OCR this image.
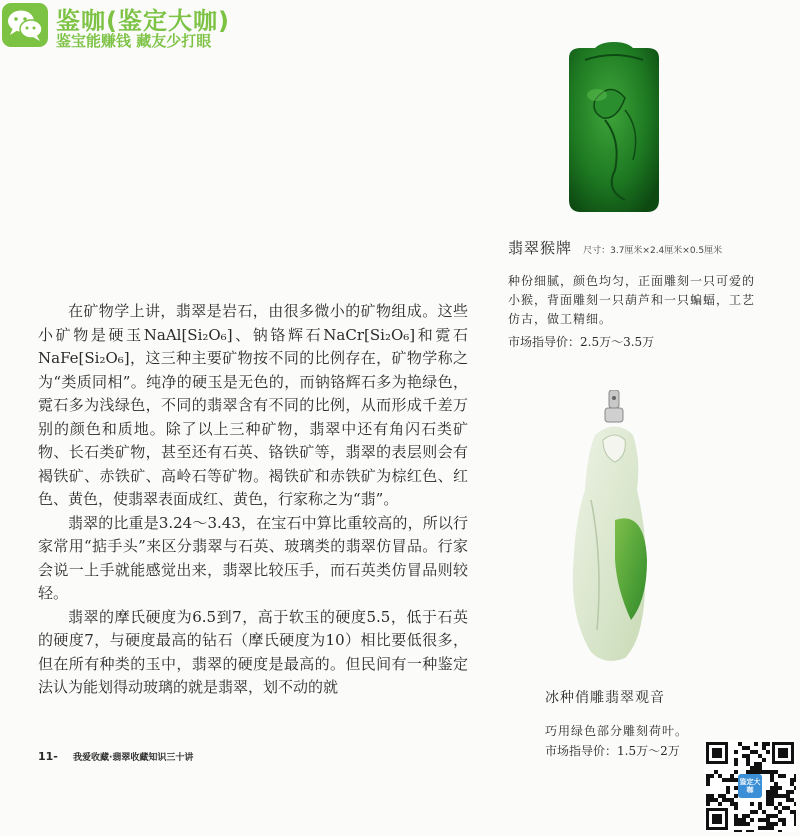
鉴咖(鉴定大咖)
鉴宝能赚钱 藏友少打眼

在矿物学上讲，翡翠是岩石，由很多微小的矿物组成。这些小矿物是硬玉NaAl[Si₂O₆]、钠铬辉石NaCr[Si₂O₆]和霓石NaFe[Si₂O₆]，这三种主要矿物按不同的比例存在，矿物学称之为“类质同相”。纯净的硬玉是无色的，而钠铬辉石多为艳绿色，霓石多为浅绿色，不同的翡翠含有不同的比例，从而形成千差万别的颜色和质地。除了以上三种矿物，翡翠中还有角闪石类矿物、长石类矿物，甚至还有石英、铬铁矿等，翡翠的表层则会有褐铁矿、赤铁矿、高岭石等矿物。褐铁矿和赤铁矿为棕红色、红色、黄色，使翡翠表面成红、黄色，行家称之为“翡”。

翡翠的比重是3.24～3.43，在宝石中算比重较高的，所以行家常用“掂手头”来区分翡翠与石英、玻璃类的翡翠仿冒品。行家会说一上手就能感觉出来，翡翠比较压手，而石英类仿冒品则较轻。

翡翠的摩氏硬度为6.5到7，高于软玉的硬度5.5，低于石英的硬度7，与硬度最高的钻石（摩氏硬度为10）相比要低很多，但在所有种类的玉中，翡翠的硬度是最高的。但民间有一种鉴定法认为能划得动玻璃的就是翡翠，划不动的就

翡翠猴牌 尺寸：3.7厘米×2.4厘米×0.5厘米
种份细腻，颜色均匀，正面雕刻一只可爱的小猴，背面雕刻一只葫芦和一只蝙蝠，工艺仿古，做工精细。
市场指导价：2.5万～3.5万
冰种俏雕翡翠观音
巧用绿色部分雕刻荷叶。
市场指导价：1.5万～2万
11- 我爱收藏·翡翠收藏知识三十讲
鉴定大咖
